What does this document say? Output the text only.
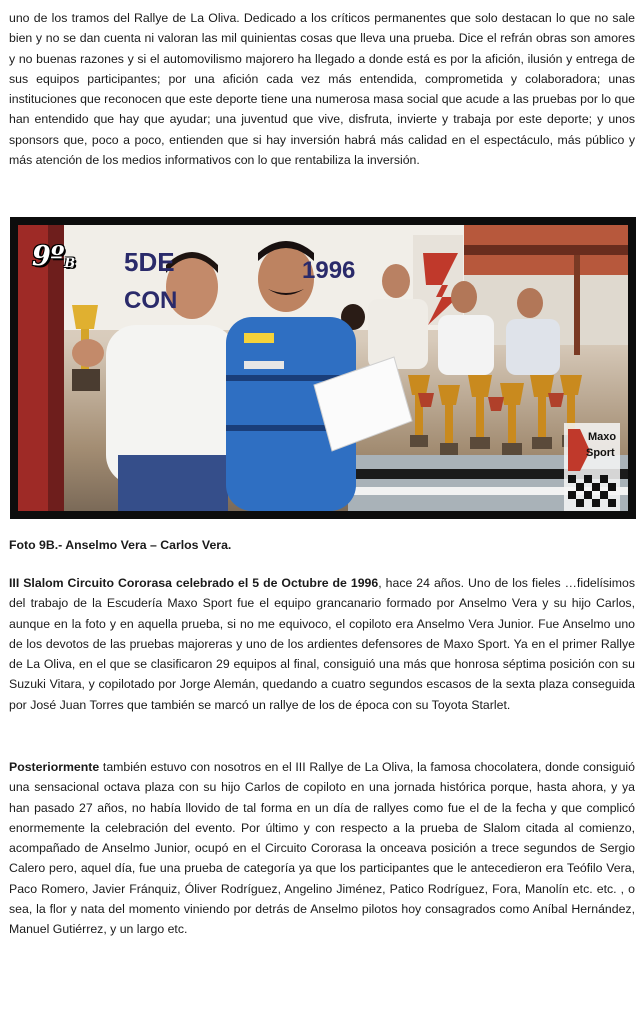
uno de los tramos del Rallye de La Oliva. Dedicado a los críticos permanentes que solo destacan lo que no sale bien y no se dan cuenta ni valoran las mil quinientas cosas que lleva una prueba. Dice el refrán obras son amores y no buenas razones y si el automovilismo majorero ha llegado a donde está es por la afición, ilusión y entrega de sus equipos participantes; por una afición cada vez más entendida, comprometida y colaboradora; unas instituciones que reconocen que este deporte tiene una numerosa masa social que acude a las pruebas por lo que han entendido que hay que ayudar; una juventud que vive, disfruta, invierte y trabaja por este deporte; y unos sponsors que, poco a poco, entienden que si hay inversión habrá más calidad en el espectáculo, más público y más atención de los medios informativos con lo que rentabiliza la inversión.

5DE	1996
CON
9º$_B$
Maxo
Sport

Foto 9B.- Anselmo Vera – Carlos Vera.

III Slalom Circuito Cororasa celebrado el 5 de Octubre de 1996, hace 24 años. Uno de los fieles …fidelísimos del trabajo de la Escudería Maxo Sport fue el equipo grancanario formado por Anselmo Vera y su hijo Carlos, aunque en la foto y en aquella prueba, si no me equivoco, el copiloto era Anselmo Vera Junior. Fue Anselmo uno de los devotos de las pruebas majoreras y uno de los ardientes defensores de Maxo Sport. Ya en el primer Rallye de La Oliva, en el que se clasificaron 29 equipos al final, consiguió una más que honrosa séptima posición con su Suzuki Vitara, y copilotado por Jorge Alemán, quedando a cuatro segundos escasos de la sexta plaza conseguida por José Juan Torres que también se marcó un rallye de los de época con su Toyota Starlet.

Posteriormente también estuvo con nosotros en el III Rallye de La Oliva, la famosa chocolatera, donde consiguió una sensacional octava plaza con su hijo Carlos de copiloto en una jornada histórica porque, hasta ahora, y ya han pasado 27 años, no había llovido de tal forma en un día de rallyes como fue el de la fecha y que complicó enormemente la celebración del evento. Por último y con respecto a la prueba de Slalom citada al comienzo, acompañado de Anselmo Junior, ocupó en el Circuito Cororasa la onceava posición a trece segundos de Sergio Calero pero, aquel día, fue una prueba de categoría ya que los participantes que le antecedieron era Teófilo Vera, Paco Romero, Javier Fránquiz, Óliver Rodríguez, Angelino Jiménez, Patico Rodríguez, Fora, Manolín etc. etc. , o sea, la flor y nata del momento viniendo por detrás de Anselmo pilotos hoy consagrados como Aníbal Hernández, Manuel Gutiérrez, y un largo etc.
